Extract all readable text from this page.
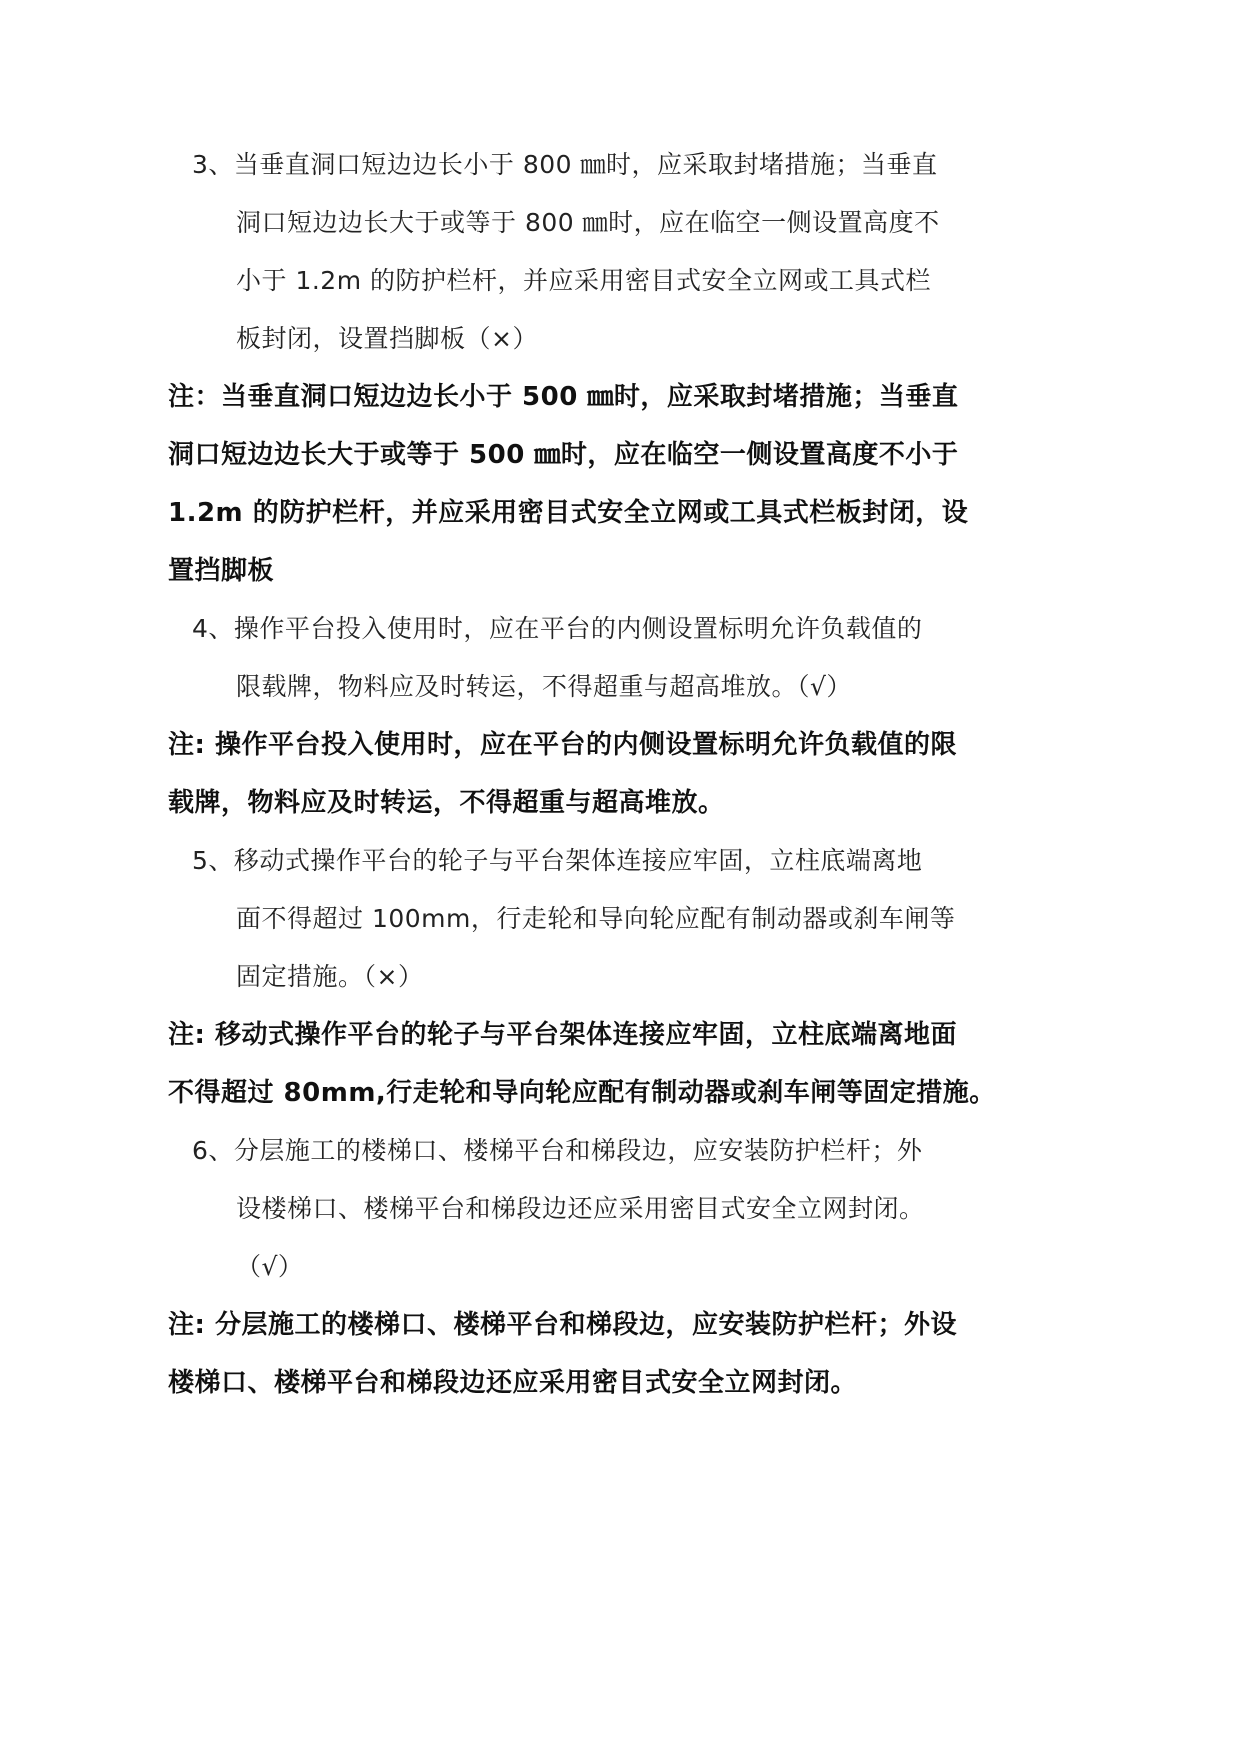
3、当垂直洞口短边边长小于 800 ㎜时，应采取封堵措施；当垂直
洞口短边边长大于或等于 800 ㎜时，应在临空一侧设置高度不
小于 1.2m 的防护栏杆，并应采用密目式安全立网或工具式栏
板封闭，设置挡脚板（×）
注：当垂直洞口短边边长小于 500 ㎜时，应采取封堵措施；当垂直
洞口短边边长大于或等于 500 ㎜时，应在临空一侧设置高度不小于
1.2m 的防护栏杆，并应采用密目式安全立网或工具式栏板封闭，设
置挡脚板
4、操作平台投入使用时，应在平台的内侧设置标明允许负载值的
限载牌，物料应及时转运，不得超重与超高堆放。（√）
注: 操作平台投入使用时，应在平台的内侧设置标明允许负载值的限
载牌，物料应及时转运，不得超重与超高堆放。
5、移动式操作平台的轮子与平台架体连接应牢固，立柱底端离地
面不得超过 100mm，行走轮和导向轮应配有制动器或刹车闸等
固定措施。（×）
注: 移动式操作平台的轮子与平台架体连接应牢固，立柱底端离地面
不得超过 80mm,行走轮和导向轮应配有制动器或刹车闸等固定措施。
6、分层施工的楼梯口、楼梯平台和梯段边，应安装防护栏杆；外
设楼梯口、楼梯平台和梯段边还应采用密目式安全立网封闭。
（√）
注: 分层施工的楼梯口、楼梯平台和梯段边，应安装防护栏杆；外设
楼梯口、楼梯平台和梯段边还应采用密目式安全立网封闭。
